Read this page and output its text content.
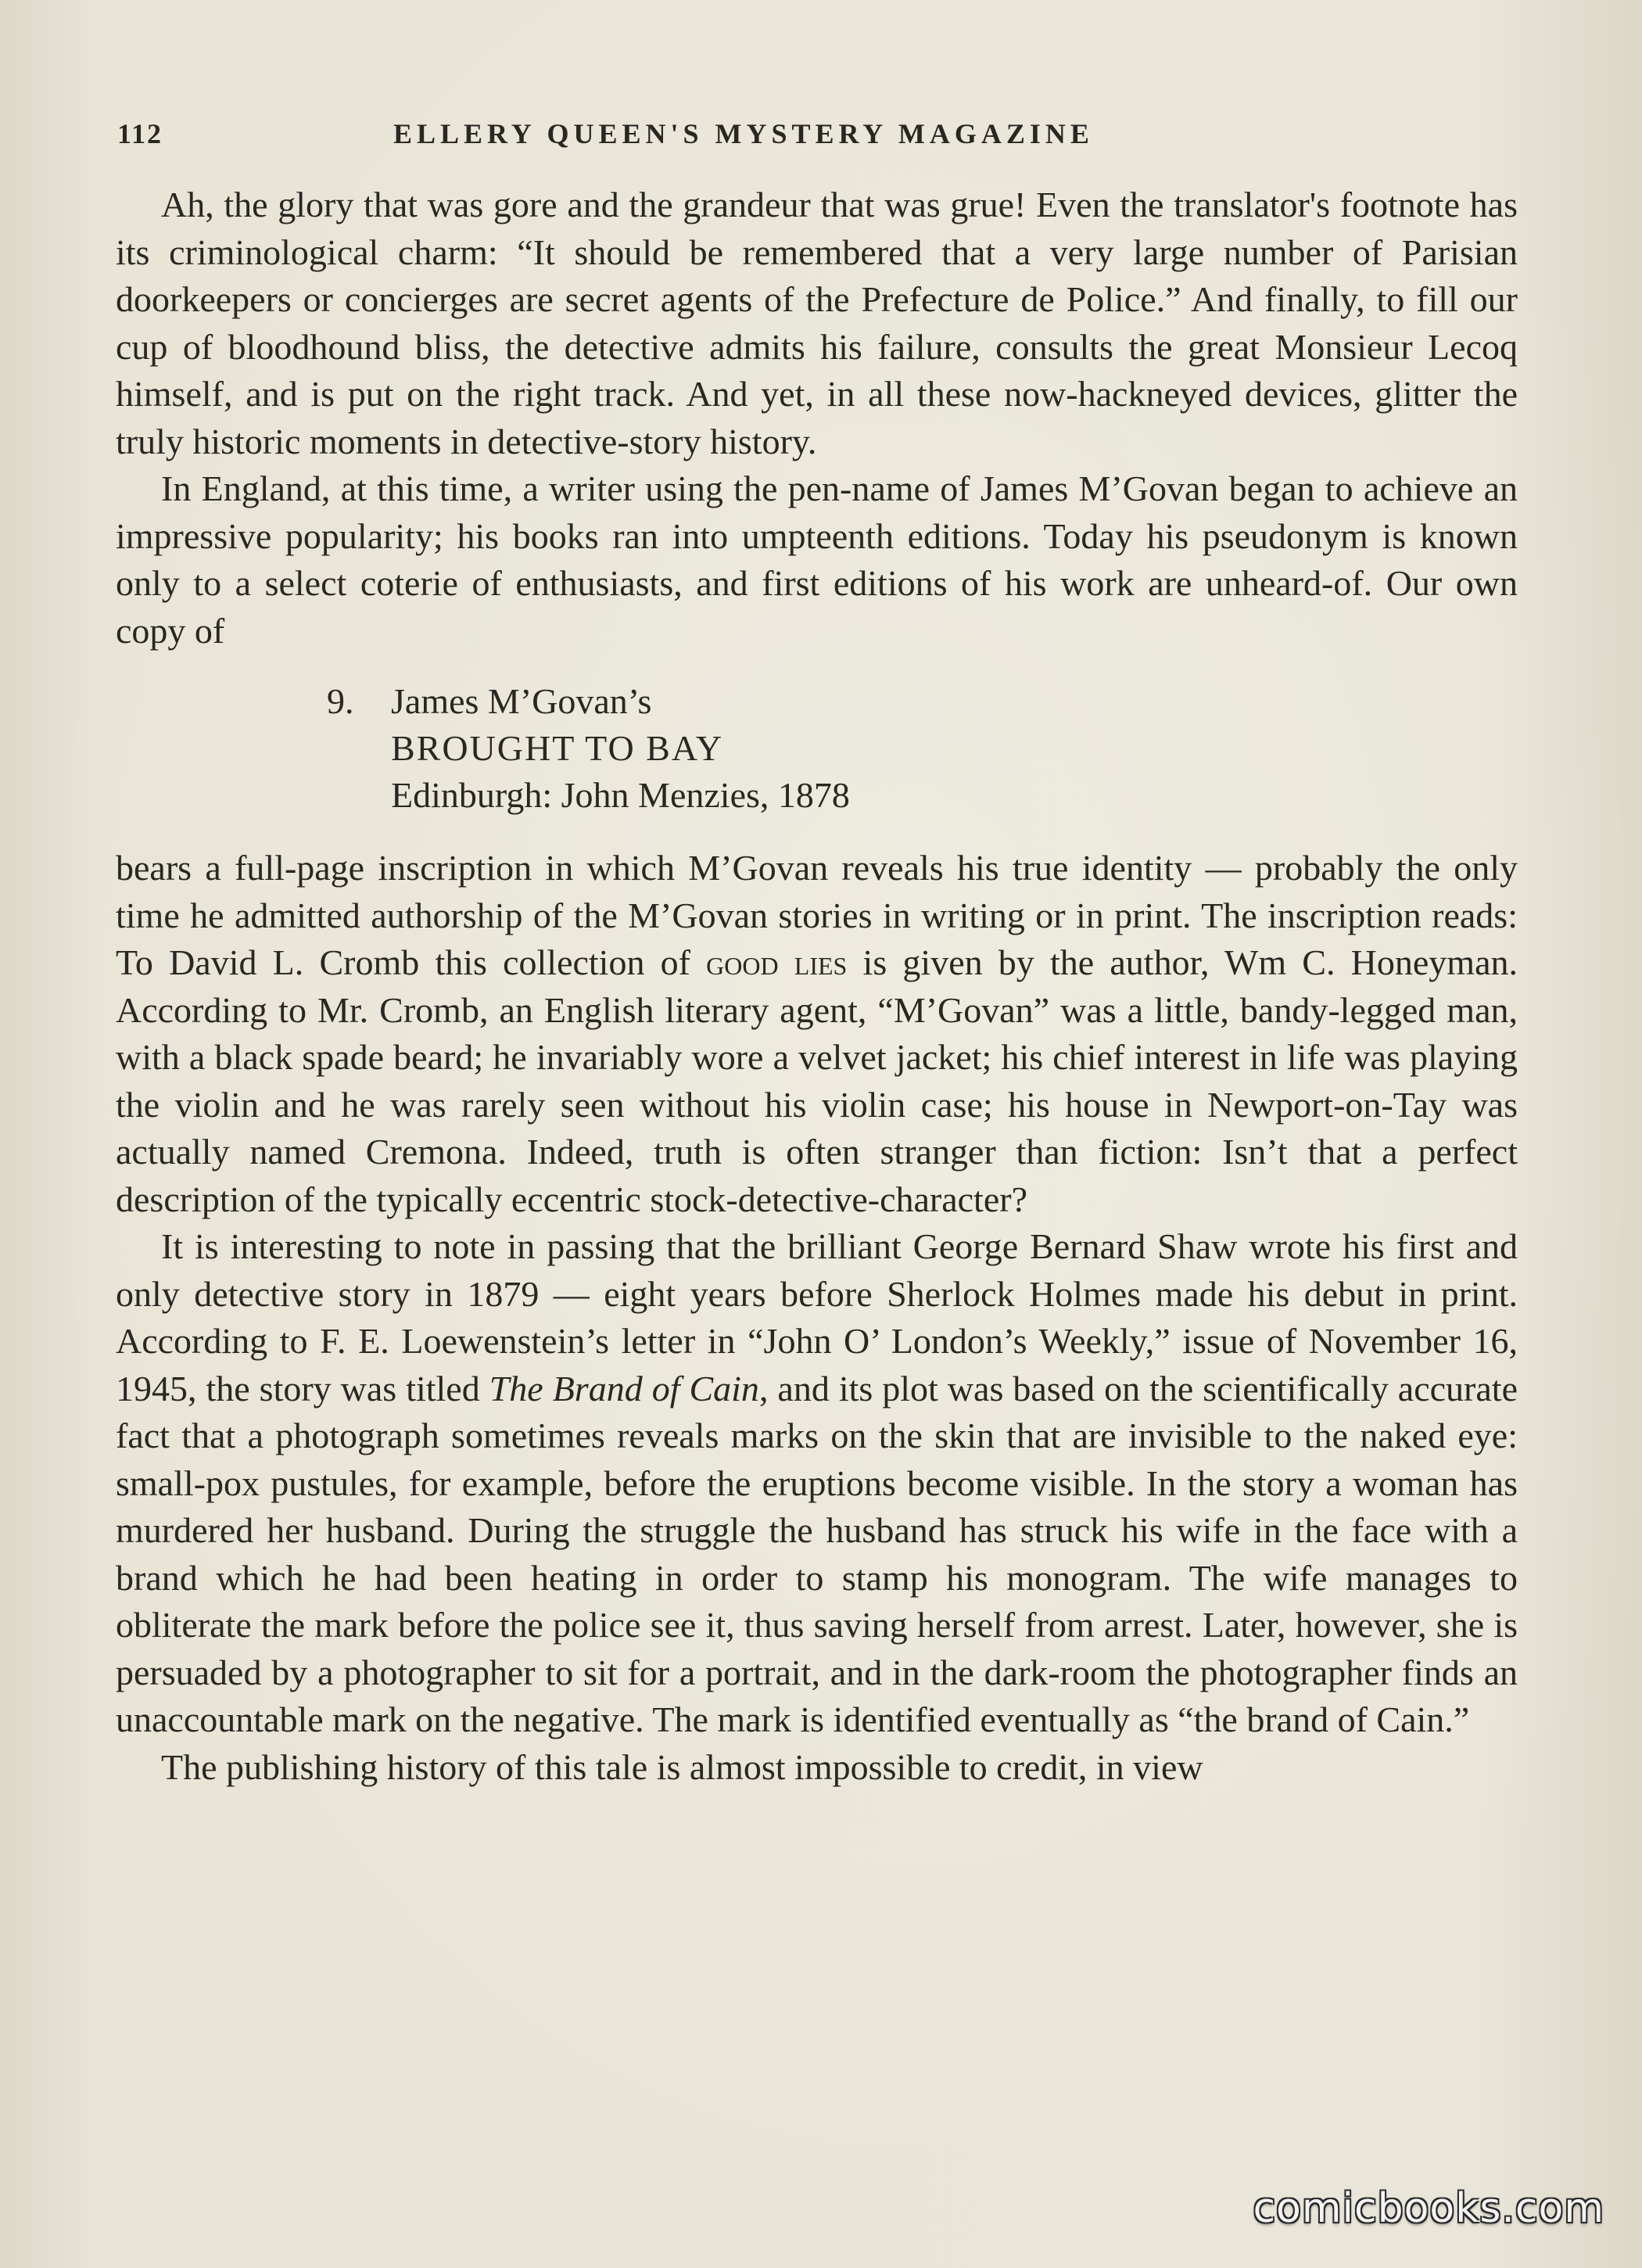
112	ELLERY QUEEN'S MYSTERY MAGAZINE

Ah, the glory that was gore and the grandeur that was grue! Even the translator's footnote has its criminological charm: “It should be remembered that a very large number of Parisian doorkeepers or concierges are secret agents of the Prefecture de Police.” And finally, to fill our cup of bloodhound bliss, the detective admits his failure, consults the great Monsieur Lecoq himself, and is put on the right track. And yet, in all these now-hackneyed devices, glitter the truly historic moments in detective-story history.

In England, at this time, a writer using the pen-name of James M’Govan began to achieve an impressive popularity; his books ran into umpteenth editions. Today his pseudonym is known only to a select coterie of enthusiasts, and first editions of his work are unheard-of. Our own copy of

9. James M’Govan’s
BROUGHT TO BAY
Edinburgh: John Menzies, 1878

bears a full-page inscription in which M’Govan reveals his true identity — probably the only time he admitted authorship of the M’Govan stories in writing or in print. The inscription reads: To David L. Cromb this collection of good lies is given by the author, Wm C. Honeyman. According to Mr. Cromb, an English literary agent, “M’Govan” was a little, bandy-legged man, with a black spade beard; he invariably wore a velvet jacket; his chief interest in life was playing the violin and he was rarely seen without his violin case; his house in Newport-on-Tay was actually named Cremona. Indeed, truth is often stranger than fiction: Isn’t that a perfect description of the typically eccentric stock-detective-character?

It is interesting to note in passing that the brilliant George Bernard Shaw wrote his first and only detective story in 1879 — eight years before Sherlock Holmes made his debut in print. According to F. E. Loewenstein’s letter in “John O’ London’s Weekly,” issue of November 16, 1945, the story was titled The Brand of Cain, and its plot was based on the scientifically accurate fact that a photograph sometimes reveals marks on the skin that are invisible to the naked eye: small-pox pustules, for example, before the eruptions become visible. In the story a woman has murdered her husband. During the struggle the husband has struck his wife in the face with a brand which he had been heating in order to stamp his monogram. The wife manages to obliterate the mark before the police see it, thus saving herself from arrest. Later, however, she is persuaded by a photographer to sit for a portrait, and in the dark-room the photographer finds an unaccountable mark on the negative. The mark is identified eventually as “the brand of Cain.”

The publishing history of this tale is almost impossible to credit, in view

comicbooks.com
